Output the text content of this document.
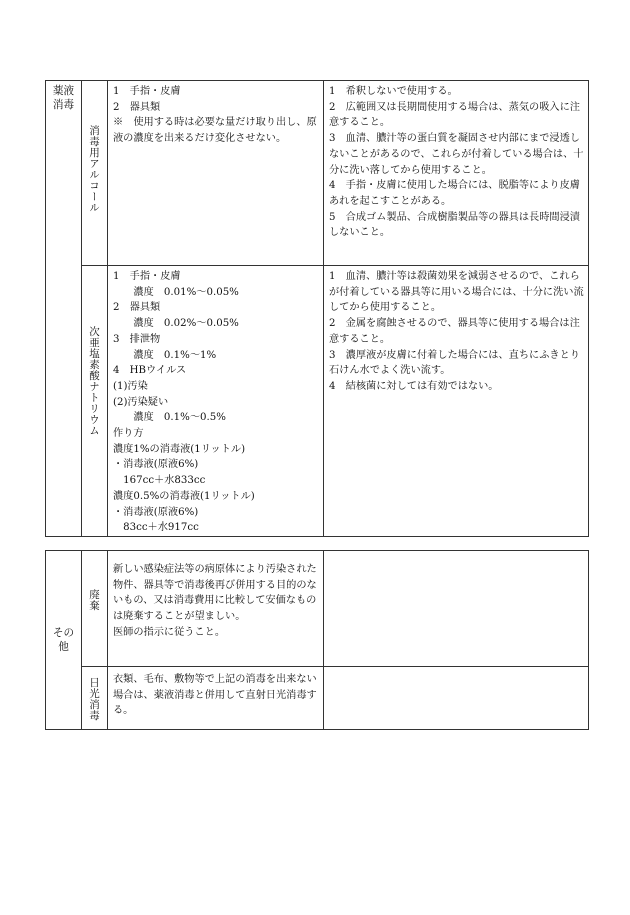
薬液
消毒
消毒用アルコール
1　手指・皮膚
2　器具類
※　使用する時は必要な量だけ取り出し、原液の濃度を出来るだけ変化させない。
1　希釈しないで使用する。
2　広範囲又は長期間使用する場合は、蒸気の吸入に注意すること。
3　血清、膿汁等の蛋白質を凝固させ内部にまで浸透しないことがあるので、これらが付着している場合は、十分に洗い落してから使用すること。
4　手指・皮膚に使用した場合には、脱脂等により皮膚あれを起こすことがある。
5　合成ゴム製品、合成樹脂製品等の器具は長時間浸漬しないこと。
次亜塩素酸ナトリウム
1　手指・皮膚
　　濃度　0.01%～0.05%
2　器具類
　　濃度　0.02%～0.05%
3　排泄物
　　濃度　0.1%～1%
4　HBウイルス
(1)汚染
(2)汚染疑い
　　濃度　0.1%～0.5%
作り方
濃度1%の消毒液(1リットル)
・消毒液(原液6%)
　167cc＋水833cc
濃度0.5%の消毒液(1リットル)
・消毒液(原液6%)
　83cc＋水917cc
1　血清、膿汁等は殺菌効果を減弱させるので、これらが付着している器具等に用いる場合には、十分に洗い流してから使用すること。
2　金属を腐蝕させるので、器具等に使用する場合は注意すること。
3　濃厚液が皮膚に付着した場合には、直ちにふきとり石けん水でよく洗い流す。
4　結核菌に対しては有効ではない。
その
他
廃棄
新しい感染症法等の病原体により汚染された物件、器具等で消毒後再び併用する目的のないもの、又は消毒費用に比較して安価なものは廃棄することが望ましい。
医師の指示に従うこと。
日光消毒	衣類、毛布、敷物等で上記の消毒を出来ない場合は、薬液消毒と併用して直射日光消毒する。
